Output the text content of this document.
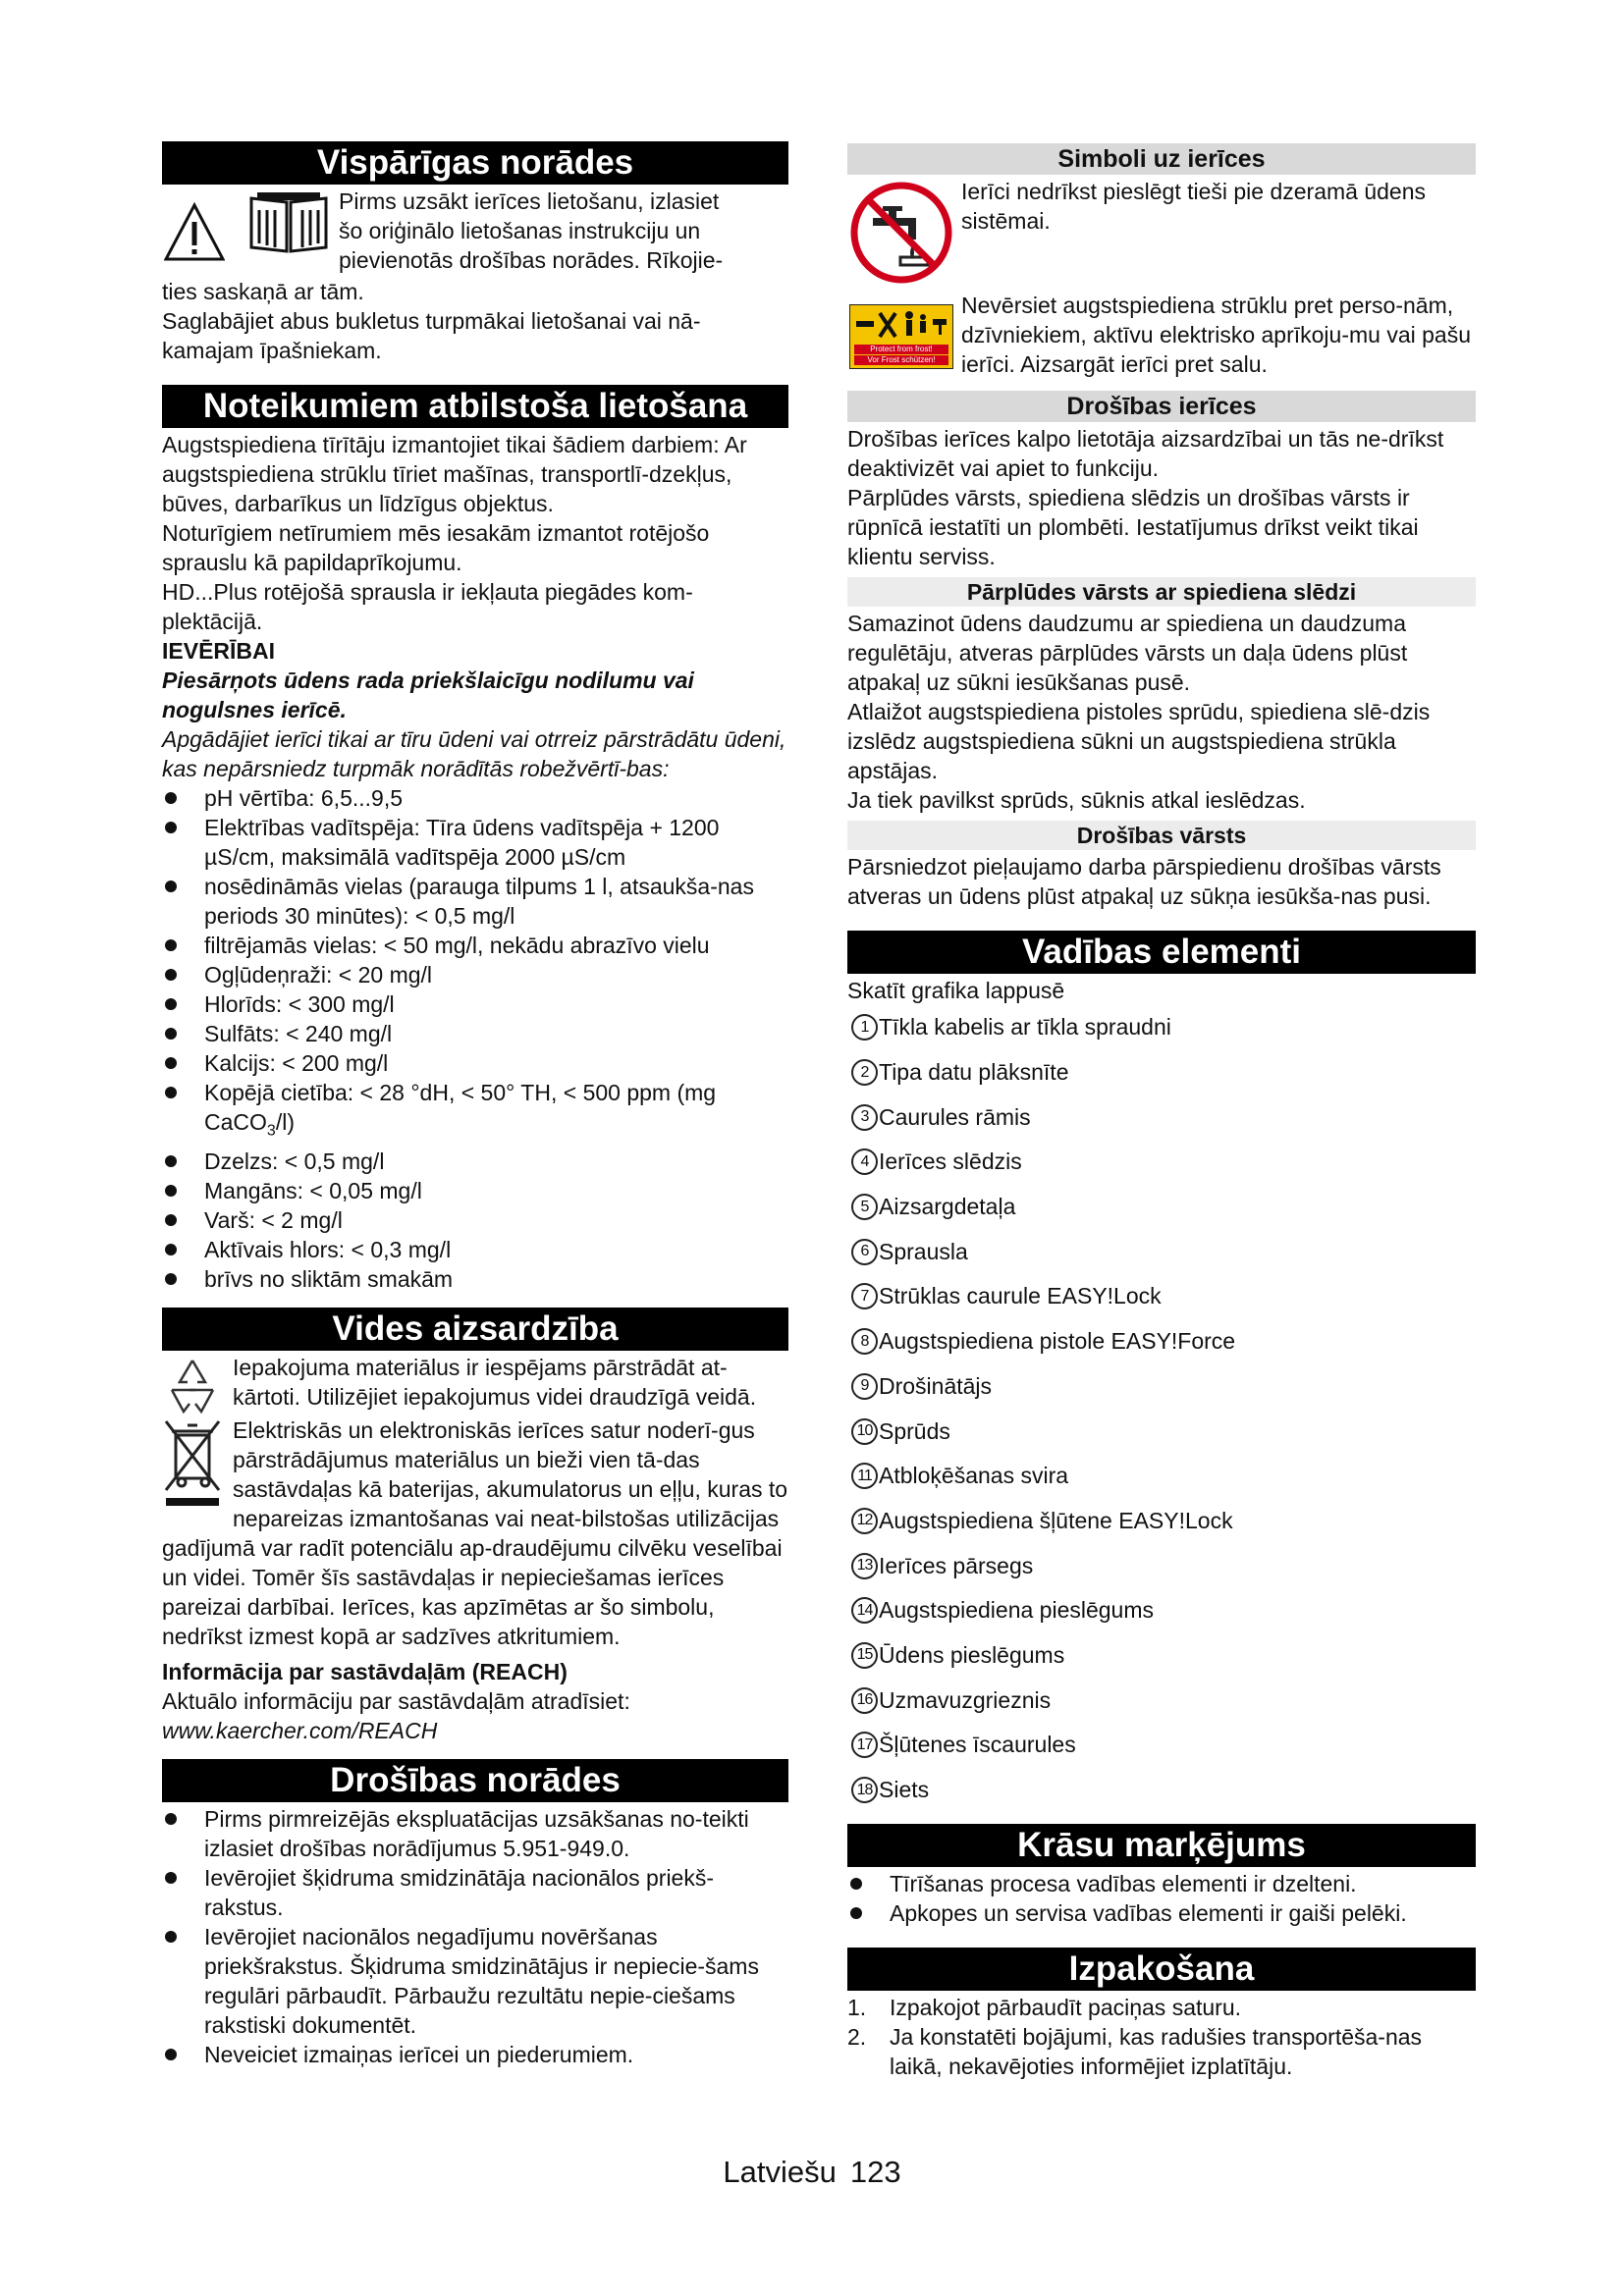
Vispārīgas norādes

Pirms uzsākt ierīces lietošanu, izlasiet

šo oriģinālo lietošanas instrukciju un

pievienotās drošības norādes. Rīkojie-

ties saskaņā ar tām.

Saglabājiet abus bukletus turpmākai lietošanai vai nā-kamajam īpašniekam.

Noteikumiem atbilstoša lietošana

Augstspiediena tīrītāju izmantojiet tikai šādiem darbiem: Ar augstspiediena strūklu tīriet mašīnas, transportlī-dzekļus, būves, darbarīkus un līdzīgus objektus.

Noturīgiem netīrumiem mēs iesakām izmantot rotējošo sprauslu kā papildaprīkojumu.

HD...Plus rotējošā sprausla ir iekļauta piegādes kom-plektācijā.

IEVĒRĪBAI

Piesārņots ūdens rada priekšlaicīgu nodilumu vai nogulsnes ierīcē.

Apgādājiet ierīci tikai ar tīru ūdeni vai otrreiz pārstrādātu ūdeni, kas nepārsniedz turpmāk norādītās robežvērtī-bas:

pH vērtība: 6,5...9,5
Elektrības vadītspēja: Tīra ūdens vadītspēja + 1200 µS/cm, maksimālā vadītspēja 2000 µS/cm
nosēdināmās vielas (parauga tilpums 1 l, atsaukša-nas periods 30 minūtes): < 0,5 mg/l
filtrējamās vielas: < 50 mg/l, nekādu abrazīvo vielu
Ogļūdeņraži: < 20 mg/l
Hlorīds: < 300 mg/l
Sulfāts: < 240 mg/l
Kalcijs: < 200 mg/l
Kopējā cietība: < 28 °dH, < 50° TH, < 500 ppm (mg CaCO$_3$/l)
Dzelzs: < 0,5 mg/l
Mangāns: < 0,05 mg/l
Varš: < 2 mg/l
Aktīvais hlors: < 0,3 mg/l
brīvs no sliktām smakām
Vides aizsardzība

Iepakojuma materiālus ir iespējams pārstrādāt at-kārtoti. Utilizējiet iepakojumus videi draudzīgā veidā.

Elektriskās un elektroniskās ierīces satur noderī-gus pārstrādājumus materiālus un bieži vien tā-das sastāvdaļas kā baterijas, akumulatorus un eļļu, kuras to nepareizas izmantošanas vai neat-bilstošas utilizācijas gadījumā var radīt potenciālu ap-draudējumu cilvēku veselībai un videi. Tomēr šīs sastāvdaļas ir nepieciešamas ierīces pareizai darbībai. Ierīces, kas apzīmētas ar šo simbolu, nedrīkst izmest kopā ar sadzīves atkritumiem.

Informācija par sastāvdaļām (REACH)

Aktuālo informāciju par sastāvdaļām atradīsiet:

www.kaercher.com/REACH

Drošības norādes
Pirms pirmreizējās ekspluatācijas uzsākšanas no-teikti izlasiet drošības norādījumus 5.951-949.0.
Ievērojiet šķidruma smidzinātāja nacionālos priekš-rakstus.
Ievērojiet nacionālos negadījumu novēršanas priekšrakstus. Šķidruma smidzinātājus ir nepiecie-šams regulāri pārbaudīt. Pārbaužu rezultātu nepie-ciešams rakstiski dokumentēt.
Neveiciet izmaiņas ierīcei un piederumiem.
Simboli uz ierīces

Ierīci nedrīkst pieslēgt tieši pie dzeramā ūdens sistēmai.

Protect from frost!
Vor Frost schützen!

Nevērsiet augstspiediena strūklu pret perso-nām, dzīvniekiem, aktīvu elektrisko aprīkoju-mu vai pašu ierīci. Aizsargāt ierīci pret salu.

Drošības ierīces

Drošības ierīces kalpo lietotāja aizsardzībai un tās ne-drīkst deaktivizēt vai apiet to funkciju.

Pārplūdes vārsts, spiediena slēdzis un drošības vārsts ir rūpnīcā iestatīti un plombēti. Iestatījumus drīkst veikt tikai klientu serviss.

Pārplūdes vārsts ar spiediena slēdzi

Samazinot ūdens daudzumu ar spiediena un daudzuma regulētāju, atveras pārplūdes vārsts un daļa ūdens plūst atpakaļ uz sūkni iesūkšanas pusē.

Atlaižot augstspiediena pistoles sprūdu, spiediena slē-dzis izslēdz augstspiediena sūkni un augstspiediena strūkla apstājas.

Ja tiek pavilkst sprūds, sūknis atkal ieslēdzas.

Drošības vārsts

Pārsniedzot pieļaujamo darba pārspiedienu drošības vārsts atveras un ūdens plūst atpakaļ uz sūkņa iesūkša-nas pusi.

Vadības elementi

Skatīt grafika lappusē

1 Tīkla kabelis ar tīkla spraudni
2 Tipa datu plāksnīte
3 Caurules rāmis
4 Ierīces slēdzis
5 Aizsargdetaļa
6 Sprausla
7 Strūklas caurule EASY!Lock
8 Augstspiediena pistole EASY!Force
9 Drošinātājs
10 Sprūds
11 Atbloķēšanas svira
12 Augstspiediena šļūtene EASY!Lock
13 Ierīces pārsegs
14 Augstspiediena pieslēgums
15 Ūdens pieslēgums
16 Uzmavuzgrieznis
17 Šļūtenes īscaurules
18 Siets
Krāsu marķējums
Tīrīšanas procesa vadības elementi ir dzelteni.
Apkopes un servisa vadības elementi ir gaiši pelēki.
Izpakošana
1. Izpakojot pārbaudīt paciņas saturu.
2. Ja konstatēti bojājumi, kas radušies transportēša-nas laikā, nekavējoties informējiet izplatītāju.
Latviešu 123
